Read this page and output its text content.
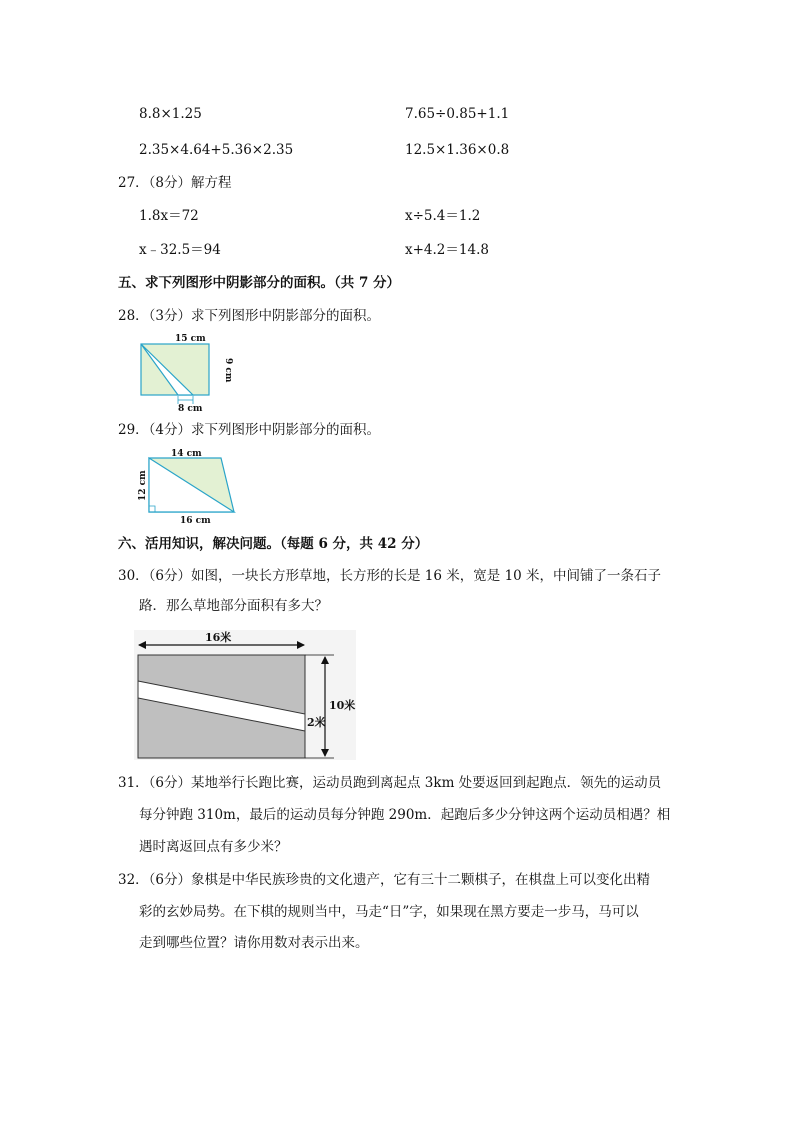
8.8×1.25	7.65÷0.85+1.1
2.35×4.64+5.36×2.35	12.5×1.36×0.8
27．（8分）解方程
1.8x＝72	x÷5.4＝1.2
x﹣32.5＝94	x+4.2＝14.8
五、求下列图形中阴影部分的面积。（共 7 分）
28．（3分）求下列图形中阴影部分的面积。
15 cm
8 cm
9 cm
29．（4分）求下列图形中阴影部分的面积。
14 cm
16 cm
12 cm
六、活用知识，解决问题。（每题 6 分，共 42 分）
30．（6分）如图，一块长方形草地，长方形的长是 16 米，宽是 10 米，中间铺了一条石子
路．那么草地部分面积有多大？
16米
10米
2米
31．（6分）某地举行长跑比赛，运动员跑到离起点 3km 处要返回到起跑点．领先的运动员
每分钟跑 310m，最后的运动员每分钟跑 290m．起跑后多少分钟这两个运动员相遇？相
遇时离返回点有多少米？
32．（6分）象棋是中华民族珍贵的文化遗产，它有三十二颗棋子，在棋盘上可以变化出精
彩的玄妙局势。在下棋的规则当中，马走“日”字，如果现在黑方要走一步马，马可以
走到哪些位置？请你用数对表示出来。
